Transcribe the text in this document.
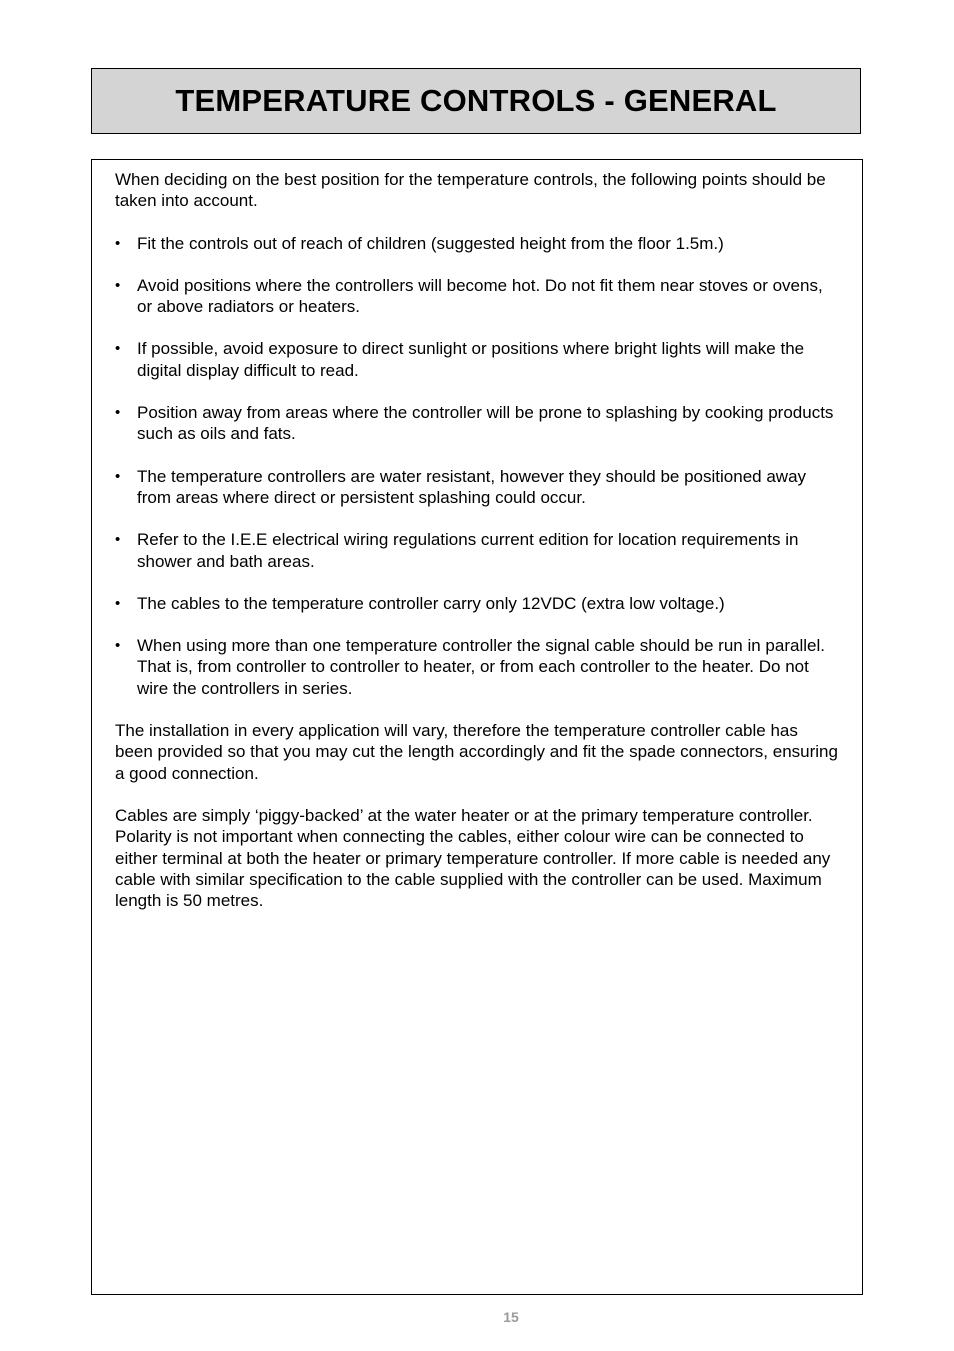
TEMPERATURE CONTROLS - GENERAL

When deciding on the best position for the temperature controls, the following points should be taken into account.

• Fit the controls out of reach of children (suggested height from the floor 1.5m.)
• Avoid positions where the controllers will become hot. Do not fit them near stoves or ovens, or above radiators or heaters.
• If possible, avoid exposure to direct sunlight or positions where bright lights will make the digital display difficult to read.
• Position away from areas where the controller will be prone to splashing by cooking products such as oils and fats.
• The temperature controllers are water resistant, however they should be positioned away from areas where direct or persistent splashing could occur.
• Refer to the I.E.E electrical wiring regulations current edition for location requirements in shower and bath areas.
• The cables to the temperature controller carry only 12VDC (extra low voltage.)
• When using more than one temperature controller the signal cable should be run in parallel. That is, from controller to controller to heater, or from each controller to the heater. Do not wire the controllers in series.

The installation in every application will vary, therefore the temperature controller cable has been provided so that you may cut the length accordingly and fit the spade connectors, ensuring a good connection.

Cables are simply ‘piggy-backed’ at the water heater or at the primary temperature controller. Polarity is not important when connecting the cables, either colour wire can be connected to either terminal at both the heater or primary temperature controller. If more cable is needed any cable with similar specification to the cable supplied with the controller can be used. Maximum length is 50 metres.

15
